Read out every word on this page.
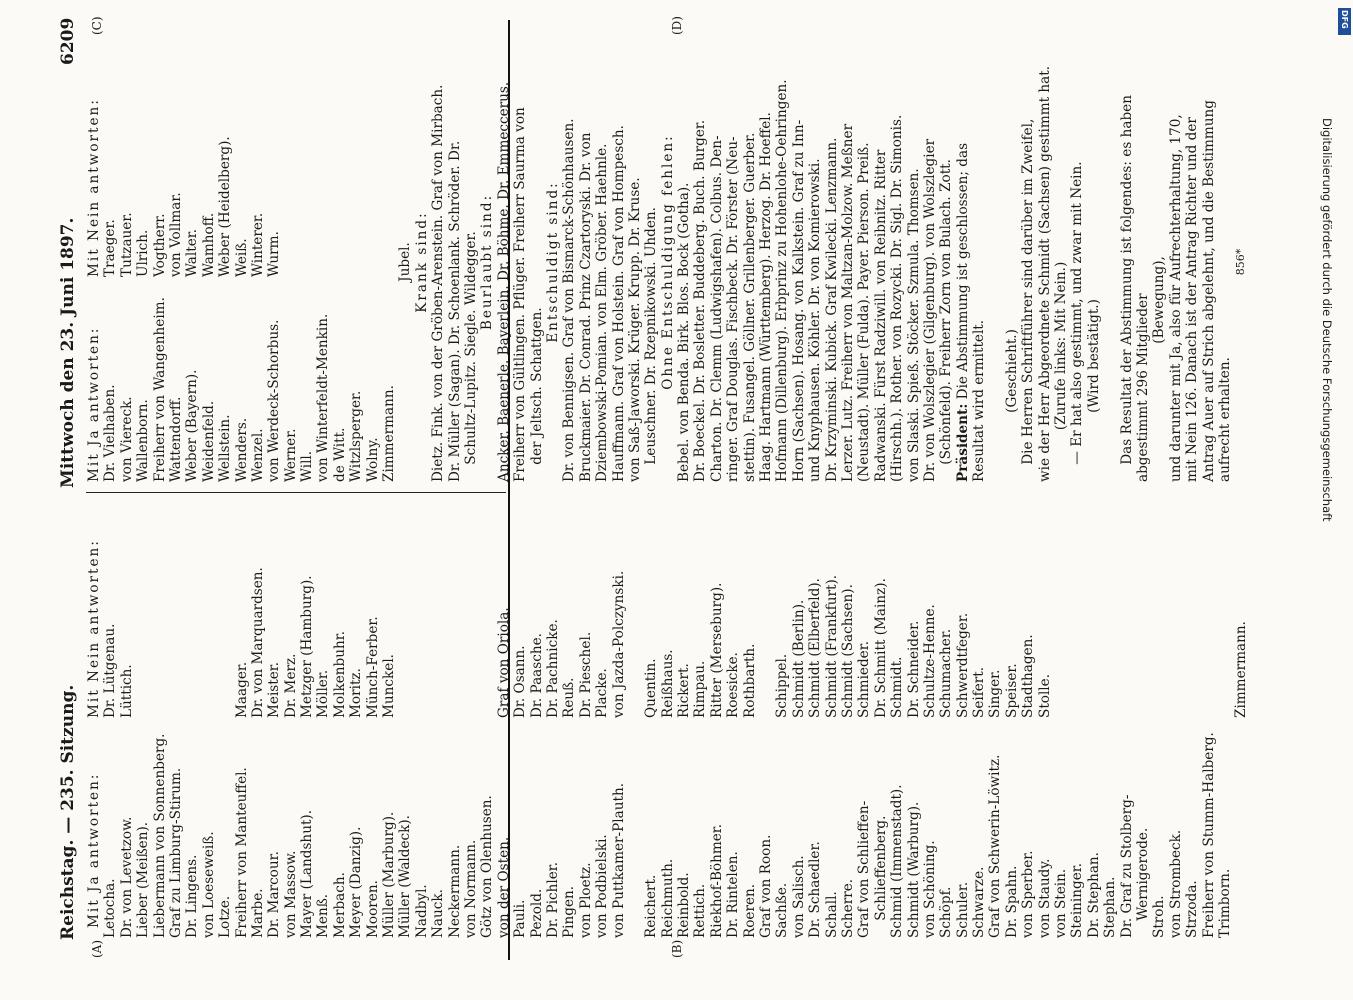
Reichstag. — 235. Sitzung.
Mittwoch den 23. Juni 1897.
6209
(A)	(B)
(C)	(D)
Mit Ja antworten: Letocha. Dr. von Levetzow. Lieber (Meißen). Liebermann von Sonnenberg. Graf zu Limburg-Stirum. Dr. Lingens. von Loeseweiß. Lotze. Freiherr von Manteuffel. Marbe. Dr. Marcour. von Massow. Mayer (Landshut). Menß. Merbach. Meyer (Danzig). Mooren. Müller (Marburg). Müller (Waldeck). Nadbyl. Nauck. Neckermann. von Normann. Götz von Olenhusen. von der Osten. Pauli. Pezold. Dr. Pichler. Pingen. von Ploetz. von Podbielski. von Puttkamer-Plauth. Reichert. Reichmuth. Reinbold. Rettich. Riekhof-Böhmer. Dr. Rintelen. Roeren. Graf von Roon. Sachße. von Salisch. Dr. Schaedler. Schall. Scherre. Graf von Schlieffen- Schlieffenberg. Schmid (Immenstadt). Schmidt (Warburg). von Schöning. Schöpf. Schuler. Schwarze. Graf von Schwerin-Löwitz. Dr. Spahn. von Sperber. von Staudy. von Stein. Steininger. Dr. Stephan. Stephan. Dr. Graf zu Stolberg- Wernigerode. Stroh. von Strombeck. Strzoda. Freiherr von Stumm-Halberg. Trimborn.
Mit Nein antworten: Dr. Lütgenau. Lüttich.	Maager. Dr. von Marquardsen. Meister. Dr. Merz. Metzger (Hamburg). Möller. Molkenbuhr. Moritz. Münch-Ferber. Munckel.	Graf von Oriola. Dr. Osann. Dr. Paasche. Dr. Pachnicke. Reuß. Dr. Pieschel. Placke. von Jazda-Polczynski. Quentin. Reißhaus. Rickert. Rimpau. Ritter (Merseburg). Roesicke. Rothbarth. Schippel. Schmidt (Berlin). Schmidt (Elberfeld). Schmidt (Frankfurt). Schmidt (Sachsen). Schmieder. Dr. Schmitt (Mainz). Schmidt. Dr. Schneider. Schultze-Henne. Schumacher. Schwerdtfeger. Seifert. Singer. Speiser. Stadthagen. Stolle.	Zimmermann.
Mit Ja antworten: Dr. Vielhaben. von Viereck. Wallenborn. Freiherr von Wangenheim. Wattendorff. Weber (Bayern). Weidenfeld. Wellstein. Wenders. Wenzel. von Werdeck-Schorbus. Werner. Will. von Winterfeldt-Menkin. de Witt. Witzlsperger. Wolny. Zimmermann.
Mit Nein antworten: Traeger. Tutzauer. Ulrich. Vogtherr. von Vollmar. Walter. Wamhoff. Weber (Heidelberg). Weiß. Winterer. Wurm.	Jubel. Krank sind: Dietz. Fink. von der Gröben-Arenstein. Graf von Mirbach. Dr. Müller (Sagan). Dr. Schoenlank. Schröder. Dr. Schultz-Lupitz. Siegle. Wildegger. Beurlaubt sind: Ancker. Baenerle. Bayerlein. Dr. Böhme. Dr. Emmeccerus. Freiherr von Gültlingen. Pflüger. Freiherr Saurma von der Jeltsch. Schattgen.
Entschuldigt sind: Dr. von Bennigsen. Graf von Bismarck-Schönhausen. Bruckmaier. Dr. Conrad. Prinz Czartoryski. Dr. von Dziembowski-Pomian. von Elm. Gröber. Haehnle. Hauffmann. Graf von Holstein. Graf von Hompesch. von Saß-Jaworski. Krüger. Krupp. Dr. Kruse. Leuschner. Dr. Rzepnikowski. Uhden. Ohne Entschuldigung fehlen: Bebel. von Benda. Birk. Blos. Bock (Gotha). Dr. Boeckel. Dr. Bosletter. Buddeberg. Buch. Burger. Charton. Dr. Clemm (Ludwigshafen). Colbus. Den- ringer. Graf Douglas. Fischbeck. Dr. Förster (Neu- stettin). Fusangel. Göllner. Grillenberger. Guerber. Haag. Hartmann (Württemberg). Herzog. Dr. Hoeffel. Hofmann (Dillenburg). Erbprinz zu Hohenlohe-Oehringen. Horn (Sachsen). Hosang. von Kalkstein. Graf zu Inn- und Knyphausen. Köhler. Dr. von Komierowski. Dr. Krzyminski. Kubick. Graf Kwilecki. Lenzmann. Lerzer. Lutz. Freiherr von Maltzan-Molzow. Meßner (Neustadt). Müller (Fulda). Payer. Pierson. Preiß. Radwanski. Fürst Radziwill. von Reibnitz. Ritter (Hirschh.). Rother. von Rozycki. Dr. Sigl. Dr. Simonis. von Slaski. Spieß. Stöcker. Szmula. Thomsen. Dr. von Wolszlegier (Gilgenburg). von Wolszlegier (Schönfeld). Freiherr Zorn von Bulach. Zott. Präsident: Die Abstimmung ist geschlossen; das Resultat wird ermittelt. (Geschieht.) Die Herren Schriftführer sind darüber im Zweifel, wie der Herr Abgeordnete Schmidt (Sachsen) gestimmt hat. (Zurufe links: Mit Nein.) — Er hat also gestimmt, und zwar mit Nein. (Wird bestätigt.) Das Resultat der Abstimmung ist folgendes: es haben abgestimmt 296 Mitglieder (Bewegung), und darunter mit Ja, also für Aufrechterhaltung, 170, mit Nein 126. Danach ist der Antrag Richter und der Antrag Auer auf Strich abgelehnt, und die Bestimmung aufrecht erhalten.
856*	Digitalisierung gefördert durch die Deutsche Forschungsgemeinschaft
DFG
